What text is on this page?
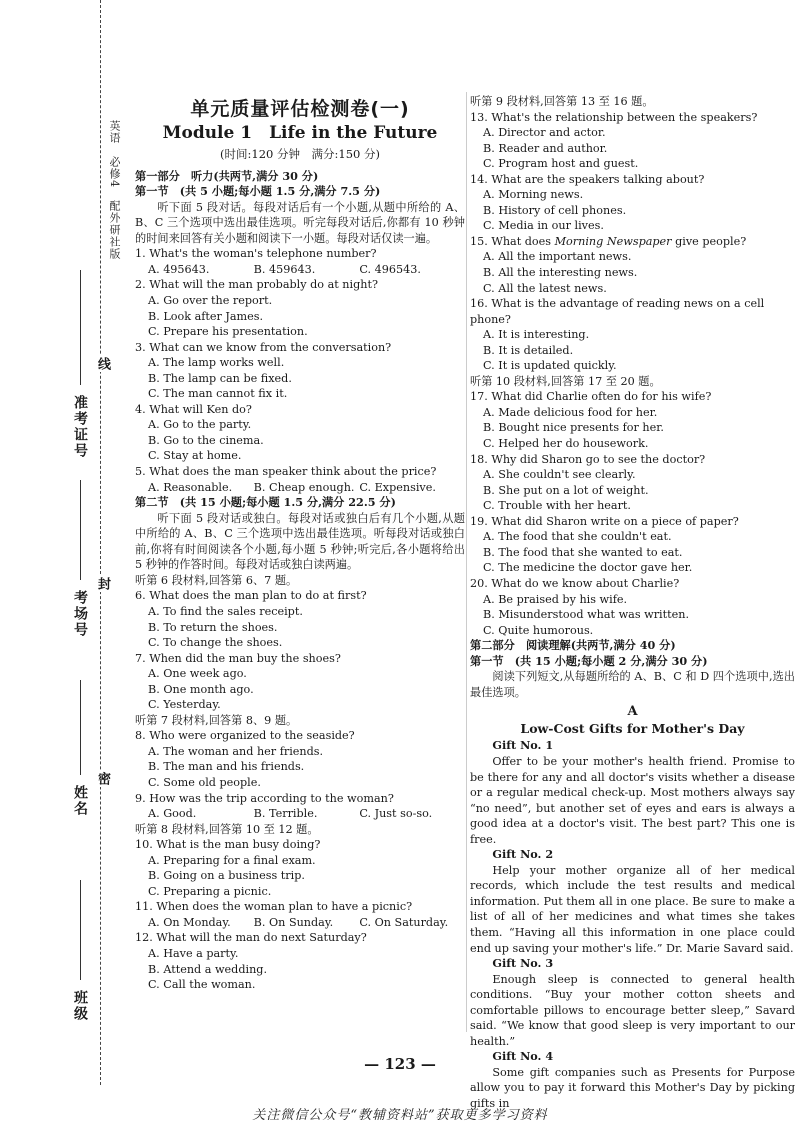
英语　必修4　配外研社版
班级
姓名
考场号
准考证号
密
封
线
单元质量评估检测卷(一)
Module 1　Life in the Future
(时间:120 分钟　满分:150 分)

第一部分　听力(共两节,满分 30 分)

第一节　(共 5 小题;每小题 1.5 分,满分 7.5 分)

听下面 5 段对话。每段对话后有一个小题,从题中所给的 A、B、C 三个选项中选出最佳选项。听完每段对话后,你都有 10 秒钟的时间来回答有关小题和阅读下一小题。每段对话仅读一遍。

1. What's the woman's telephone number?

A. 495643.	B. 459643.	C. 496543.

2. What will the man probably do at night?

A. Go over the report.

B. Look after James.

C. Prepare his presentation.

3. What can we know from the conversation?

A. The lamp works well.

B. The lamp can be fixed.

C. The man cannot fix it.

4. What will Ken do?

A. Go to the party.

B. Go to the cinema.

C. Stay at home.

5. What does the man speaker think about the price?

A. Reasonable.	B. Cheap enough. C. Expensive.

第二节　(共 15 小题;每小题 1.5 分,满分 22.5 分)

听下面 5 段对话或独白。每段对话或独白后有几个小题,从题中所给的 A、B、C 三个选项中选出最佳选项。听每段对话或独白前,你将有时间阅读各个小题,每小题 5 秒钟;听完后,各小题将给出 5 秒钟的作答时间。每段对话或独白读两遍。

听第 6 段材料,回答第 6、7 题。

6. What does the man plan to do at first?

A. To find the sales receipt.

B. To return the shoes.

C. To change the shoes.

7. When did the man buy the shoes?

A. One week ago.

B. One month ago.

C. Yesterday.

听第 7 段材料,回答第 8、9 题。

8. Who were organized to the seaside?

A. The woman and her friends.

B. The man and his friends.

C. Some old people.

9. How was the trip according to the woman?

A. Good.	B. Terrible.	C. Just so-so.

听第 8 段材料,回答第 10 至 12 题。

10. What is the man busy doing?

A. Preparing for a final exam.

B. Going on a business trip.

C. Preparing a picnic.

11. When does the woman plan to have a picnic?

A. On Monday.	B. On Sunday.	C. On Saturday.

12. What will the man do next Saturday?

A. Have a party.

B. Attend a wedding.

C. Call the woman.

听第 9 段材料,回答第 13 至 16 题。

13. What's the relationship between the speakers?

A. Director and actor.

B. Reader and author.

C. Program host and guest.

14. What are the speakers talking about?

A. Morning news.

B. History of cell phones.

C. Media in our lives.

15. What does Morning Newspaper give people?

A. All the important news.

B. All the interesting news.

C. All the latest news.

16. What is the advantage of reading news on a cell phone?

A. It is interesting.

B. It is detailed.

C. It is updated quickly.

听第 10 段材料,回答第 17 至 20 题。

17. What did Charlie often do for his wife?

A. Made delicious food for her.

B. Bought nice presents for her.

C. Helped her do housework.

18. Why did Sharon go to see the doctor?

A. She couldn't see clearly.

B. She put on a lot of weight.

C. Trouble with her heart.

19. What did Sharon write on a piece of paper?

A. The food that she couldn't eat.

B. The food that she wanted to eat.

C. The medicine the doctor gave her.

20. What do we know about Charlie?

A. Be praised by his wife.

B. Misunderstood what was written.

C. Quite humorous.

第二部分　阅读理解(共两节,满分 40 分)

第一节　(共 15 小题;每小题 2 分,满分 30 分)

阅读下列短文,从每题所给的 A、B、C 和 D 四个选项中,选出最佳选项。

A
Low-Cost Gifts for Mother's Day

Gift No. 1

Offer to be your mother's health friend. Promise to be there for any and all doctor's visits whether a disease or a regular medical check-up. Most mothers always say “no need”, but another set of eyes and ears is always a good idea at a doctor's visit. The best part? This one is free.

Gift No. 2

Help your mother organize all of her medical records, which include the test results and medical information. Put them all in one place. Be sure to make a list of all of her medicines and what times she takes them. “Having all this information in one place could end up saving your mother's life.” Dr. Marie Savard said.

Gift No. 3

Enough sleep is connected to general health conditions. “Buy your mother cotton sheets and comfortable pillows to encourage better sleep,” Savard said. “We know that good sleep is very important to our health.”

Gift No. 4

Some gift companies such as Presents for Purpose allow you to pay it forward this Mother's Day by picking gifts in

— 123 —
关注微信公众号“教辅资料站”获取更多学习资料
